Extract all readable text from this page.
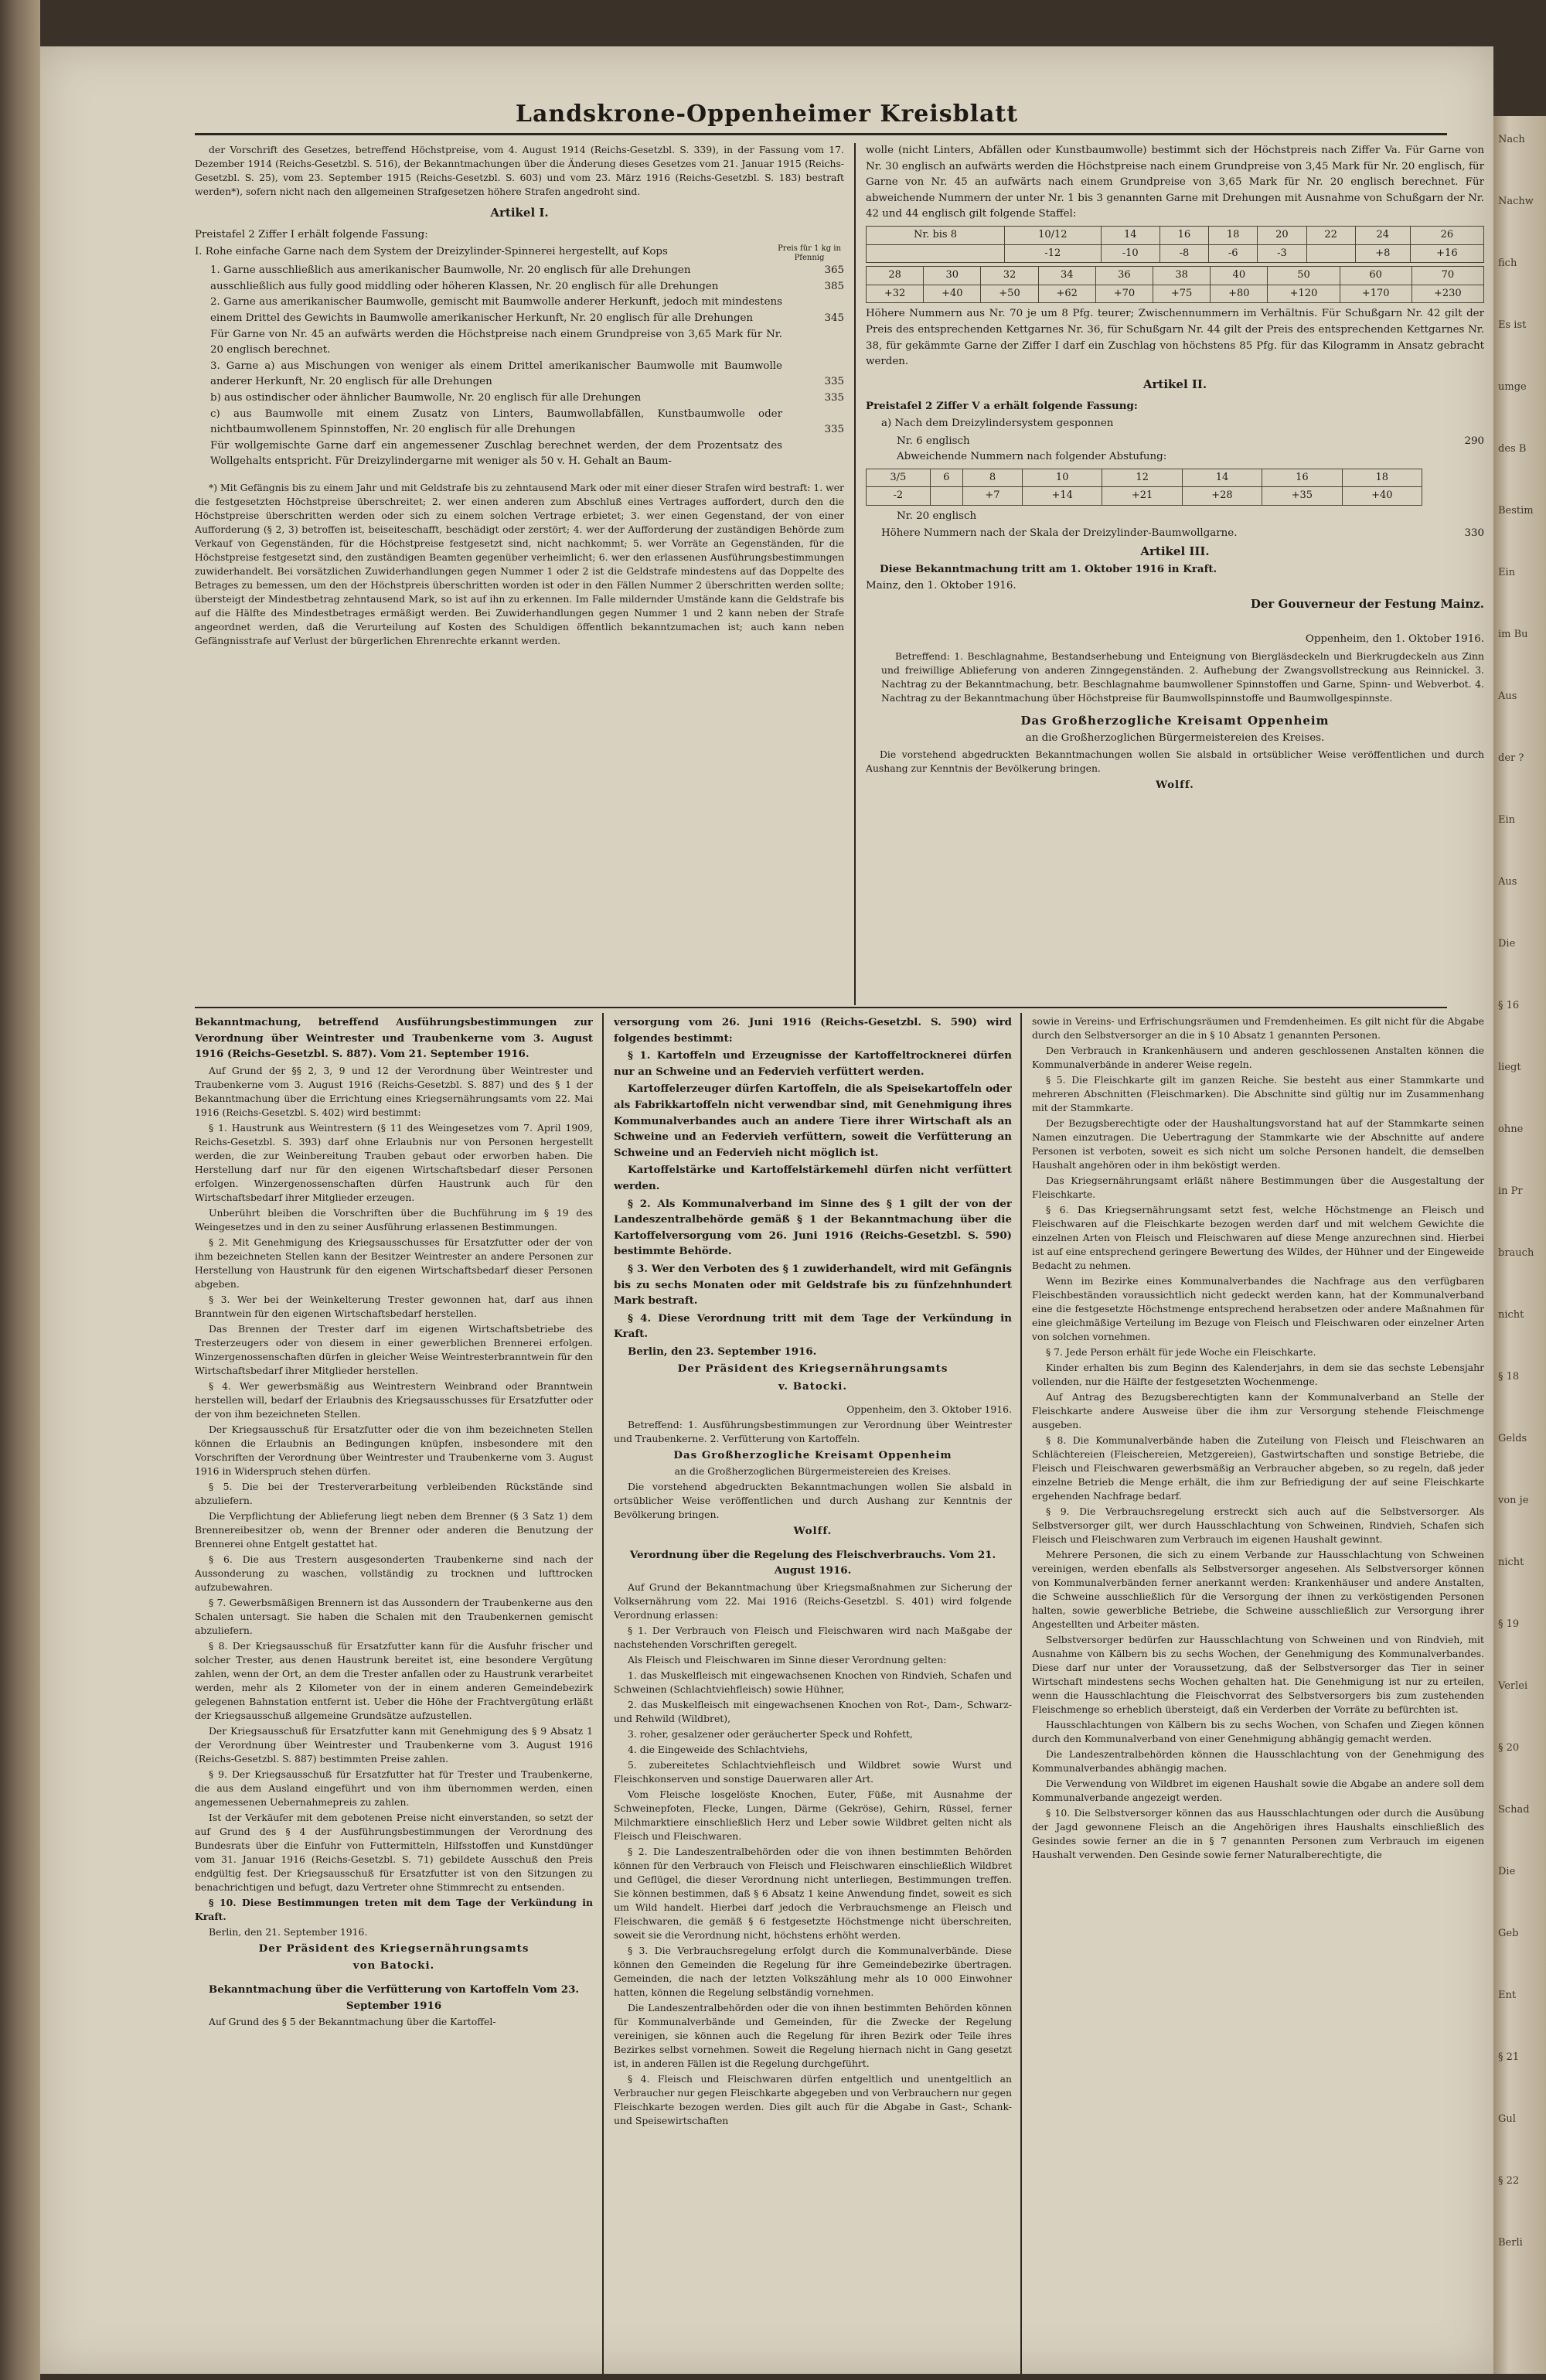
Landskrone-Oppenheimer Kreisblatt

der Vorschrift des Gesetzes, betreffend Höchstpreise, vom 4. August 1914 (Reichs-Gesetzbl. S. 339), in der Fassung vom 17. Dezember 1914 (Reichs-Gesetzbl. S. 516), der Bekanntmachungen über die Änderung dieses Gesetzes vom 21. Januar 1915 (Reichs-Gesetzbl. S. 25), vom 23. September 1915 (Reichs-Gesetzbl. S. 603) und vom 23. März 1916 (Reichs-Gesetzbl. S. 183) bestraft werden*), sofern nicht nach den allgemeinen Strafgesetzen höhere Strafen angedroht sind.

Artikel I.

Preistafel 2 Ziffer I erhält folgende Fassung:

I. Rohe einfache Garne nach dem System der Dreizylinder-Spinnerei hergestellt, auf Kops	Preis für 1 kg in Pfennig
1. Garne ausschließlich aus amerikanischer Baumwolle, Nr. 20 englisch für alle Drehungen	365
ausschließlich aus fully good middling oder höheren Klassen, Nr. 20 englisch für alle Drehungen	385
2. Garne aus amerikanischer Baumwolle, gemischt mit Baumwolle anderer Herkunft, jedoch mit mindestens einem Drittel des Gewichts in Baumwolle amerikanischer Herkunft, Nr. 20 englisch für alle Drehungen	345
Für Garne von Nr. 45 an aufwärts werden die Höchstpreise nach einem Grundpreise von 3,65 Mark für Nr. 20 englisch berechnet.
3. Garne a) aus Mischungen von weniger als einem Drittel amerikanischer Baumwolle mit Baumwolle anderer Herkunft, Nr. 20 englisch für alle Drehungen	335
b) aus ostindischer oder ähnlicher Baumwolle, Nr. 20 englisch für alle Drehungen	335
c) aus Baumwolle mit einem Zusatz von Linters, Baumwollabfällen, Kunstbaumwolle oder nichtbaumwollenem Spinnstoffen, Nr. 20 englisch für alle Drehungen	335
Für wollgemischte Garne darf ein angemessener Zuschlag berechnet werden, der dem Prozentsatz des Wollgehalts entspricht. Für Dreizylindergarne mit weniger als 50 v. H. Gehalt an Baum-

*) Mit Gefängnis bis zu einem Jahr und mit Geldstrafe bis zu zehntausend Mark oder mit einer dieser Strafen wird bestraft: 1. wer die festgesetzten Höchstpreise überschreitet; 2. wer einen anderen zum Abschluß eines Vertrages auffordert, durch den die Höchstpreise überschritten werden oder sich zu einem solchen Vertrage erbietet; 3. wer einen Gegenstand, der von einer Aufforderung (§ 2, 3) betroffen ist, beiseiteschafft, beschädigt oder zerstört; 4. wer der Aufforderung der zuständigen Behörde zum Verkauf von Gegenständen, für die Höchstpreise festgesetzt sind, nicht nachkommt; 5. wer Vorräte an Gegenständen, für die Höchstpreise festgesetzt sind, den zuständigen Beamten gegenüber verheimlicht; 6. wer den erlassenen Ausführungsbestimmungen zuwiderhandelt. Bei vorsätzlichen Zuwiderhandlungen gegen Nummer 1 oder 2 ist die Geldstrafe mindestens auf das Doppelte des Betrages zu bemessen, um den der Höchstpreis überschritten worden ist oder in den Fällen Nummer 2 überschritten werden sollte; übersteigt der Mindestbetrag zehntausend Mark, so ist auf ihn zu erkennen. Im Falle mildernder Umstände kann die Geldstrafe bis auf die Hälfte des Mindestbetrages ermäßigt werden. Bei Zuwiderhandlungen gegen Nummer 1 und 2 kann neben der Strafe angeordnet werden, daß die Verurteilung auf Kosten des Schuldigen öffentlich bekanntzumachen ist; auch kann neben Gefängnisstrafe auf Verlust der bürgerlichen Ehrenrechte erkannt werden.

wolle (nicht Linters, Abfällen oder Kunstbaumwolle) bestimmt sich der Höchstpreis nach Ziffer Va. Für Garne von Nr. 30 englisch an aufwärts werden die Höchstpreise nach einem Grundpreise von 3,45 Mark für Nr. 20 englisch, für Garne von Nr. 45 an aufwärts nach einem Grundpreise von 3,65 Mark für Nr. 20 englisch berechnet. Für abweichende Nummern der unter Nr. 1 bis 3 genannten Garne mit Drehungen mit Ausnahme von Schußgarn der Nr. 42 und 44 englisch gilt folgende Staffel:

Nr. bis 8	10/12	14	16	18	20	22	24	26
	-12	-10	-8	-6	-3		+8	+16
28	30	32	34	36	38	40	50	60	70
+32	+40	+50	+62	+70	+75	+80	+120	+170	+230

Höhere Nummern aus Nr. 70 je um 8 Pfg. teurer; Zwischennummern im Verhältnis. Für Schußgarn Nr. 42 gilt der Preis des entsprechenden Kettgarnes Nr. 36, für Schußgarn Nr. 44 gilt der Preis des entsprechenden Kettgarnes Nr. 38, für gekämmte Garne der Ziffer I darf ein Zuschlag von höchstens 85 Pfg. für das Kilogramm in Ansatz gebracht werden.

Artikel II.

Preistafel 2 Ziffer V a erhält folgende Fassung:

a) Nach dem Dreizylindersystem gesponnen

Nr. 6 englisch	290

Abweichende Nummern nach folgender Abstufung:

3/5	6	8	10	12	14	16	18
-2		+7	+14	+21	+28	+35	+40

Nr. 20 englisch

Höhere Nummern nach der Skala der Dreizylinder-Baumwollgarne.	330

Artikel III.

Diese Bekanntmachung tritt am 1. Oktober 1916 in Kraft.

Mainz, den 1. Oktober 1916.

Der Gouverneur der Festung Mainz.

Oppenheim, den 1. Oktober 1916.

Betreffend: 1. Beschlagnahme, Bestandserhebung und Enteignung von Biergläsdeckeln und Bierkrugdeckeln aus Zinn und freiwillige Ablieferung von anderen Zinngegenständen. 2. Aufhebung der Zwangsvollstreckung aus Reinnickel. 3. Nachtrag zu der Bekanntmachung, betr. Beschlagnahme baumwollener Spinnstoffen und Garne, Spinn- und Webverbot. 4. Nachtrag zu der Bekanntmachung über Höchstpreise für Baumwollspinnstoffe und Baumwollgespinnste.

Das Großherzogliche Kreisamt Oppenheim

an die Großherzoglichen Bürgermeistereien des Kreises.

Die vorstehend abgedruckten Bekanntmachungen wollen Sie alsbald in ortsüblicher Weise veröffentlichen und durch Aushang zur Kenntnis der Bevölkerung bringen.

Wolff.

Bekanntmachung, betreffend Ausführungsbestimmungen zur Verordnung über Weintrester und Traubenkerne vom 3. August 1916 (Reichs-Gesetzbl. S. 887). Vom 21. September 1916.

Auf Grund der §§ 2, 3, 9 und 12 der Verordnung über Weintrester und Traubenkerne vom 3. August 1916 (Reichs-Gesetzbl. S. 887) und des § 1 der Bekanntmachung über die Errichtung eines Kriegsernährungsamts vom 22. Mai 1916 (Reichs-Gesetzbl. S. 402) wird bestimmt:

§ 1. Haustrunk aus Weintrestern (§ 11 des Weingesetzes vom 7. April 1909, Reichs-Gesetzbl. S. 393) darf ohne Erlaubnis nur von Personen hergestellt werden, die zur Weinbereitung Trauben gebaut oder erworben haben. Die Herstellung darf nur für den eigenen Wirtschaftsbedarf dieser Personen erfolgen. Winzergenossenschaften dürfen Haustrunk auch für den Wirtschaftsbedarf ihrer Mitglieder erzeugen.

Unberührt bleiben die Vorschriften über die Buchführung im § 19 des Weingesetzes und in den zu seiner Ausführung erlassenen Bestimmungen.

§ 2. Mit Genehmigung des Kriegsausschusses für Ersatzfutter oder der von ihm bezeichneten Stellen kann der Besitzer Weintrester an andere Personen zur Herstellung von Haustrunk für den eigenen Wirtschaftsbedarf dieser Personen abgeben.

§ 3. Wer bei der Weinkelterung Trester gewonnen hat, darf aus ihnen Branntwein für den eigenen Wirtschaftsbedarf herstellen.

Das Brennen der Trester darf im eigenen Wirtschaftsbetriebe des Tresterzeugers oder von diesem in einer gewerblichen Brennerei erfolgen. Winzergenossenschaften dürfen in gleicher Weise Weintresterbranntwein für den Wirtschaftsbedarf ihrer Mitglieder herstellen.

§ 4. Wer gewerbsmäßig aus Weintrestern Weinbrand oder Branntwein herstellen will, bedarf der Erlaubnis des Kriegsausschusses für Ersatzfutter oder der von ihm bezeichneten Stellen.

Der Kriegsausschuß für Ersatzfutter oder die von ihm bezeichneten Stellen können die Erlaubnis an Bedingungen knüpfen, insbesondere mit den Vorschriften der Verordnung über Weintrester und Traubenkerne vom 3. August 1916 in Widerspruch stehen dürfen.

§ 5. Die bei der Tresterverarbeitung verbleibenden Rückstände sind abzuliefern.

Die Verpflichtung der Ablieferung liegt neben dem Brenner (§ 3 Satz 1) dem Brennereibesitzer ob, wenn der Brenner oder anderen die Benutzung der Brennerei ohne Entgelt gestattet hat.

§ 6. Die aus Trestern ausgesonderten Traubenkerne sind nach der Aussonderung zu waschen, vollständig zu trocknen und lufttrocken aufzubewahren.

§ 7. Gewerbsmäßigen Brennern ist das Aussondern der Traubenkerne aus den Schalen untersagt. Sie haben die Schalen mit den Traubenkernen gemischt abzuliefern.

§ 8. Der Kriegsausschuß für Ersatzfutter kann für die Ausfuhr frischer und solcher Trester, aus denen Haustrunk bereitet ist, eine besondere Vergütung zahlen, wenn der Ort, an dem die Trester anfallen oder zu Haustrunk verarbeitet werden, mehr als 2 Kilometer von der in einem anderen Gemeindebezirk gelegenen Bahnstation entfernt ist. Ueber die Höhe der Frachtvergütung erläßt der Kriegsausschuß allgemeine Grundsätze aufzustellen.

Der Kriegsausschuß für Ersatzfutter kann mit Genehmigung des § 9 Absatz 1 der Verordnung über Weintrester und Traubenkerne vom 3. August 1916 (Reichs-Gesetzbl. S. 887) bestimmten Preise zahlen.

§ 9. Der Kriegsausschuß für Ersatzfutter hat für Trester und Traubenkerne, die aus dem Ausland eingeführt und von ihm übernommen werden, einen angemessenen Uebernahmepreis zu zahlen.

Ist der Verkäufer mit dem gebotenen Preise nicht einverstanden, so setzt der auf Grund des § 4 der Ausführungsbestimmungen der Verordnung des Bundesrats über die Einfuhr von Futtermitteln, Hilfsstoffen und Kunstdünger vom 31. Januar 1916 (Reichs-Gesetzbl. S. 71) gebildete Ausschuß den Preis endgültig fest. Der Kriegsausschuß für Ersatzfutter ist von den Sitzungen zu benachrichtigen und befugt, dazu Vertreter ohne Stimmrecht zu entsenden.

§ 10. Diese Bestimmungen treten mit dem Tage der Verkündung in Kraft.

Berlin, den 21. September 1916.

Der Präsident des Kriegsernährungsamts

von Batocki.

Bekanntmachung über die Verfütterung von Kartoffeln Vom 23. September 1916

Auf Grund des § 5 der Bekanntmachung über die Kartoffel-

versorgung vom 26. Juni 1916 (Reichs-Gesetzbl. S. 590) wird folgendes bestimmt:

§ 1. Kartoffeln und Erzeugnisse der Kartoffeltrocknerei dürfen nur an Schweine und an Federvieh verfüttert werden.

Kartoffelerzeuger dürfen Kartoffeln, die als Speisekartoffeln oder als Fabrikkartoffeln nicht verwendbar sind, mit Genehmigung ihres Kommunalverbandes auch an andere Tiere ihrer Wirtschaft als an Schweine und an Federvieh verfüttern, soweit die Verfütterung an Schweine und an Federvieh nicht möglich ist.

Kartoffelstärke und Kartoffelstärkemehl dürfen nicht verfüttert werden.

§ 2. Als Kommunalverband im Sinne des § 1 gilt der von der Landeszentralbehörde gemäß § 1 der Bekanntmachung über die Kartoffelversorgung vom 26. Juni 1916 (Reichs-Gesetzbl. S. 590) bestimmte Behörde.

§ 3. Wer den Verboten des § 1 zuwiderhandelt, wird mit Gefängnis bis zu sechs Monaten oder mit Geldstrafe bis zu fünfzehnhundert Mark bestraft.

§ 4. Diese Verordnung tritt mit dem Tage der Verkündung in Kraft.

Berlin, den 23. September 1916.

Der Präsident des Kriegsernährungsamts

v. Batocki.

Oppenheim, den 3. Oktober 1916.

Betreffend: 1. Ausführungsbestimmungen zur Verordnung über Weintrester und Traubenkerne. 2. Verfütterung von Kartoffeln.

Das Großherzogliche Kreisamt Oppenheim

an die Großherzoglichen Bürgermeistereien des Kreises.

Die vorstehend abgedruckten Bekanntmachungen wollen Sie alsbald in ortsüblicher Weise veröffentlichen und durch Aushang zur Kenntnis der Bevölkerung bringen.

Wolff.

Verordnung über die Regelung des Fleischverbrauchs. Vom 21. August 1916.

Auf Grund der Bekanntmachung über Kriegsmaßnahmen zur Sicherung der Volksernährung vom 22. Mai 1916 (Reichs-Gesetzbl. S. 401) wird folgende Verordnung erlassen:

§ 1. Der Verbrauch von Fleisch und Fleischwaren wird nach Maßgabe der nachstehenden Vorschriften geregelt.

Als Fleisch und Fleischwaren im Sinne dieser Verordnung gelten:

1. das Muskelfleisch mit eingewachsenen Knochen von Rindvieh, Schafen und Schweinen (Schlachtviehfleisch) sowie Hühner,

2. das Muskelfleisch mit eingewachsenen Knochen von Rot-, Dam-, Schwarz- und Rehwild (Wildbret),

3. roher, gesalzener oder geräucherter Speck und Rohfett,

4. die Eingeweide des Schlachtviehs,

5. zubereitetes Schlachtviehfleisch und Wildbret sowie Wurst und Fleischkonserven und sonstige Dauerwaren aller Art.

Vom Fleische losgelöste Knochen, Euter, Füße, mit Ausnahme der Schweinepfoten, Flecke, Lungen, Därme (Gekröse), Gehirn, Rüssel, ferner Milchmarktiere einschließlich Herz und Leber sowie Wildbret gelten nicht als Fleisch und Fleischwaren.

§ 2. Die Landeszentralbehörden oder die von ihnen bestimmten Behörden können für den Verbrauch von Fleisch und Fleischwaren einschließlich Wildbret und Geflügel, die dieser Verordnung nicht unterliegen, Bestimmungen treffen. Sie können bestimmen, daß § 6 Absatz 1 keine Anwendung findet, soweit es sich um Wild handelt. Hierbei darf jedoch die Verbrauchsmenge an Fleisch und Fleischwaren, die gemäß § 6 festgesetzte Höchstmenge nicht überschreiten, soweit sie die Verordnung nicht, höchstens erhöht werden.

§ 3. Die Verbrauchsregelung erfolgt durch die Kommunalverbände. Diese können den Gemeinden die Regelung für ihre Gemeindebezirke übertragen. Gemeinden, die nach der letzten Volkszählung mehr als 10 000 Einwohner hatten, können die Regelung selbständig vornehmen.

Die Landeszentralbehörden oder die von ihnen bestimmten Behörden können für Kommunalverbände und Gemeinden, für die Zwecke der Regelung vereinigen, sie können auch die Regelung für ihren Bezirk oder Teile ihres Bezirkes selbst vornehmen. Soweit die Regelung hiernach nicht in Gang gesetzt ist, in anderen Fällen ist die Regelung durchgeführt.

§ 4. Fleisch und Fleischwaren dürfen entgeltlich und unentgeltlich an Verbraucher nur gegen Fleischkarte abgegeben und von Verbrauchern nur gegen Fleischkarte bezogen werden. Dies gilt auch für die Abgabe in Gast-, Schank- und Speisewirtschaften

sowie in Vereins- und Erfrischungsräumen und Fremdenheimen. Es gilt nicht für die Abgabe durch den Selbstversorger an die in § 10 Absatz 1 genannten Personen.

Den Verbrauch in Krankenhäusern und anderen geschlossenen Anstalten können die Kommunalverbände in anderer Weise regeln.

§ 5. Die Fleischkarte gilt im ganzen Reiche. Sie besteht aus einer Stammkarte und mehreren Abschnitten (Fleischmarken). Die Abschnitte sind gültig nur im Zusammenhang mit der Stammkarte.

Der Bezugsberechtigte oder der Haushaltungsvorstand hat auf der Stammkarte seinen Namen einzutragen. Die Uebertragung der Stammkarte wie der Abschnitte auf andere Personen ist verboten, soweit es sich nicht um solche Personen handelt, die demselben Haushalt angehören oder in ihm beköstigt werden.

Das Kriegsernährungsamt erläßt nähere Bestimmungen über die Ausgestaltung der Fleischkarte.

§ 6. Das Kriegsernährungsamt setzt fest, welche Höchstmenge an Fleisch und Fleischwaren auf die Fleischkarte bezogen werden darf und mit welchem Gewichte die einzelnen Arten von Fleisch und Fleischwaren auf diese Menge anzurechnen sind. Hierbei ist auf eine entsprechend geringere Bewertung des Wildes, der Hühner und der Eingeweide Bedacht zu nehmen.

Wenn im Bezirke eines Kommunalverbandes die Nachfrage aus den verfügbaren Fleischbeständen voraussichtlich nicht gedeckt werden kann, hat der Kommunalverband eine die festgesetzte Höchstmenge entsprechend herabsetzen oder andere Maßnahmen für eine gleichmäßige Verteilung im Bezuge von Fleisch und Fleischwaren oder einzelner Arten von solchen vornehmen.

§ 7. Jede Person erhält für jede Woche ein Fleischkarte.

Kinder erhalten bis zum Beginn des Kalenderjahrs, in dem sie das sechste Lebensjahr vollenden, nur die Hälfte der festgesetzten Wochenmenge.

Auf Antrag des Bezugsberechtigten kann der Kommunalverband an Stelle der Fleischkarte andere Ausweise über die ihm zur Versorgung stehende Fleischmenge ausgeben.

§ 8. Die Kommunalverbände haben die Zuteilung von Fleisch und Fleischwaren an Schlächtereien (Fleischereien, Metzgereien), Gastwirtschaften und sonstige Betriebe, die Fleisch und Fleischwaren gewerbsmäßig an Verbraucher abgeben, so zu regeln, daß jeder einzelne Betrieb die Menge erhält, die ihm zur Befriedigung der auf seine Fleischkarte ergehenden Nachfrage bedarf.

§ 9. Die Verbrauchsregelung erstreckt sich auch auf die Selbstversorger. Als Selbstversorger gilt, wer durch Hausschlachtung von Schweinen, Rindvieh, Schafen sich Fleisch und Fleischwaren zum Verbrauch im eigenen Haushalt gewinnt.

Mehrere Personen, die sich zu einem Verbande zur Hausschlachtung von Schweinen vereinigen, werden ebenfalls als Selbstversorger angesehen. Als Selbstversorger können von Kommunalverbänden ferner anerkannt werden: Krankenhäuser und andere Anstalten, die Schweine ausschließlich für die Versorgung der ihnen zu verköstigenden Personen halten, sowie gewerbliche Betriebe, die Schweine ausschließlich zur Versorgung ihrer Angestellten und Arbeiter mästen.

Selbstversorger bedürfen zur Hausschlachtung von Schweinen und von Rindvieh, mit Ausnahme von Kälbern bis zu sechs Wochen, der Genehmigung des Kommunalverbandes. Diese darf nur unter der Voraussetzung, daß der Selbstversorger das Tier in seiner Wirtschaft mindestens sechs Wochen gehalten hat. Die Genehmigung ist nur zu erteilen, wenn die Hausschlachtung die Fleischvorrat des Selbstversorgers bis zum zustehenden Fleischmenge so erheblich übersteigt, daß ein Verderben der Vorräte zu befürchten ist.

Hausschlachtungen von Kälbern bis zu sechs Wochen, von Schafen und Ziegen können durch den Kommunalverband von einer Genehmigung abhängig gemacht werden.

Die Landeszentralbehörden können die Hausschlachtung von der Genehmigung des Kommunalverbandes abhängig machen.

Die Verwendung von Wildbret im eigenen Haushalt sowie die Abgabe an andere soll dem Kommunalverbande angezeigt werden.

§ 10. Die Selbstversorger können das aus Hausschlachtungen oder durch die Ausübung der Jagd gewonnene Fleisch an die Angehörigen ihres Haushalts einschließlich des Gesindes sowie ferner an die in § 7 genannten Personen zum Verbrauch im eigenen Haushalt verwenden. Den Gesinde sowie ferner Naturalberechtigte, die

Nach

Nachw

fich

Es ist

umge

des B

Bestim

Ein

im Bu

Aus

der ?

Ein

Aus

Die

§ 16

liegt

ohne

in Pr

brauch

nicht

§ 18

Gelds

von je

nicht

§ 19

Verlei

§ 20

Schad

Die

Geb

Ent

§ 21

Gul

§ 22

Berli
